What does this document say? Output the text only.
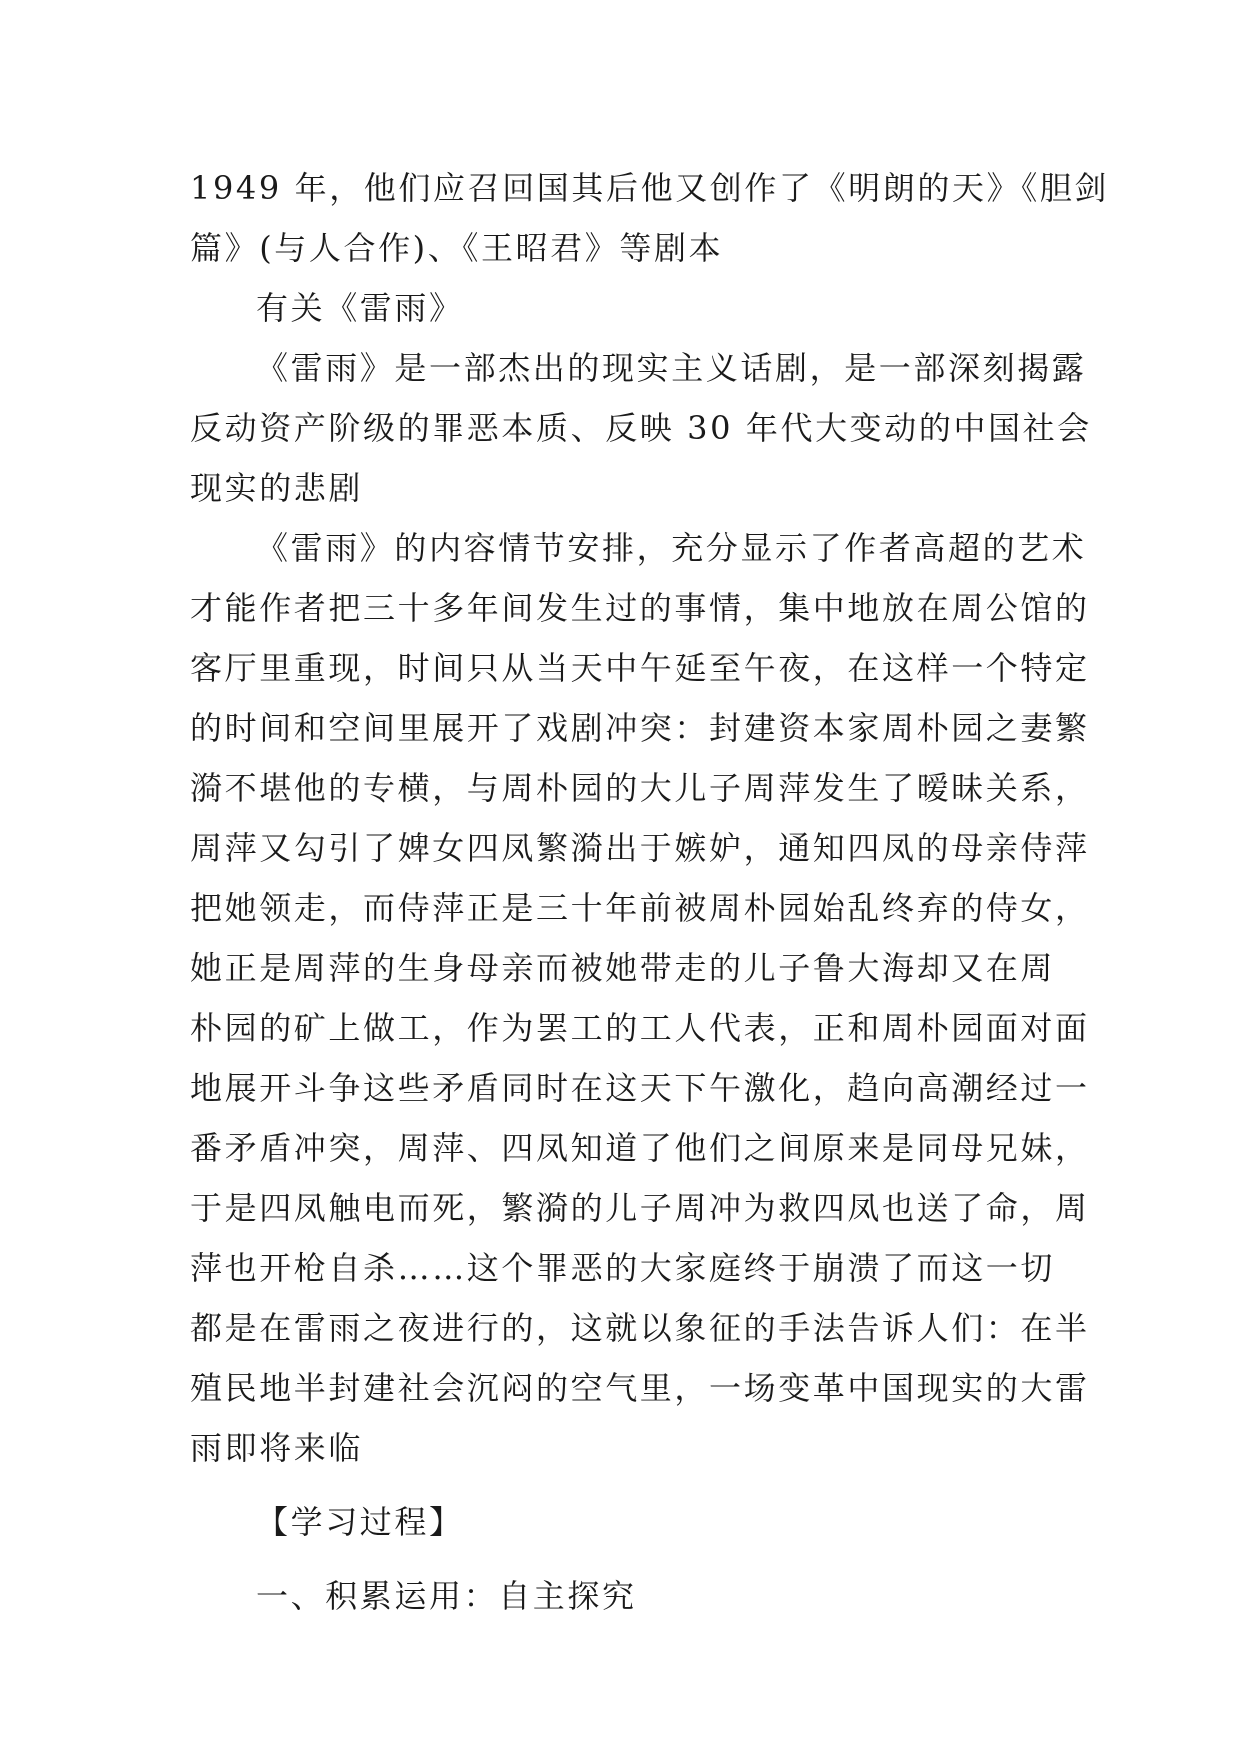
1949 年，他们应召回国其后他又创作了《明朗的天》《胆剑

篇》(与人合作)、《王昭君》等剧本

有关《雷雨》

《雷雨》是一部杰出的现实主义话剧，是一部深刻揭露

反动资产阶级的罪恶本质、反映 30 年代大变动的中国社会

现实的悲剧

《雷雨》的内容情节安排，充分显示了作者高超的艺术

才能作者把三十多年间发生过的事情，集中地放在周公馆的

客厅里重现，时间只从当天中午延至午夜，在这样一个特定

的时间和空间里展开了戏剧冲突：封建资本家周朴园之妻繁

漪不堪他的专横，与周朴园的大儿子周萍发生了暧昧关系，

周萍又勾引了婢女四凤繁漪出于嫉妒，通知四凤的母亲侍萍

把她领走，而侍萍正是三十年前被周朴园始乱终弃的侍女，

她正是周萍的生身母亲而被她带走的儿子鲁大海却又在周

朴园的矿上做工，作为罢工的工人代表，正和周朴园面对面

地展开斗争这些矛盾同时在这天下午激化，趋向高潮经过一

番矛盾冲突，周萍、四凤知道了他们之间原来是同母兄妹，

于是四凤触电而死，繁漪的儿子周冲为救四凤也送了命，周

萍也开枪自杀……这个罪恶的大家庭终于崩溃了而这一切

都是在雷雨之夜进行的，这就以象征的手法告诉人们：在半

殖民地半封建社会沉闷的空气里，一场变革中国现实的大雷

雨即将来临

【学习过程】

一、积累运用：自主探究
